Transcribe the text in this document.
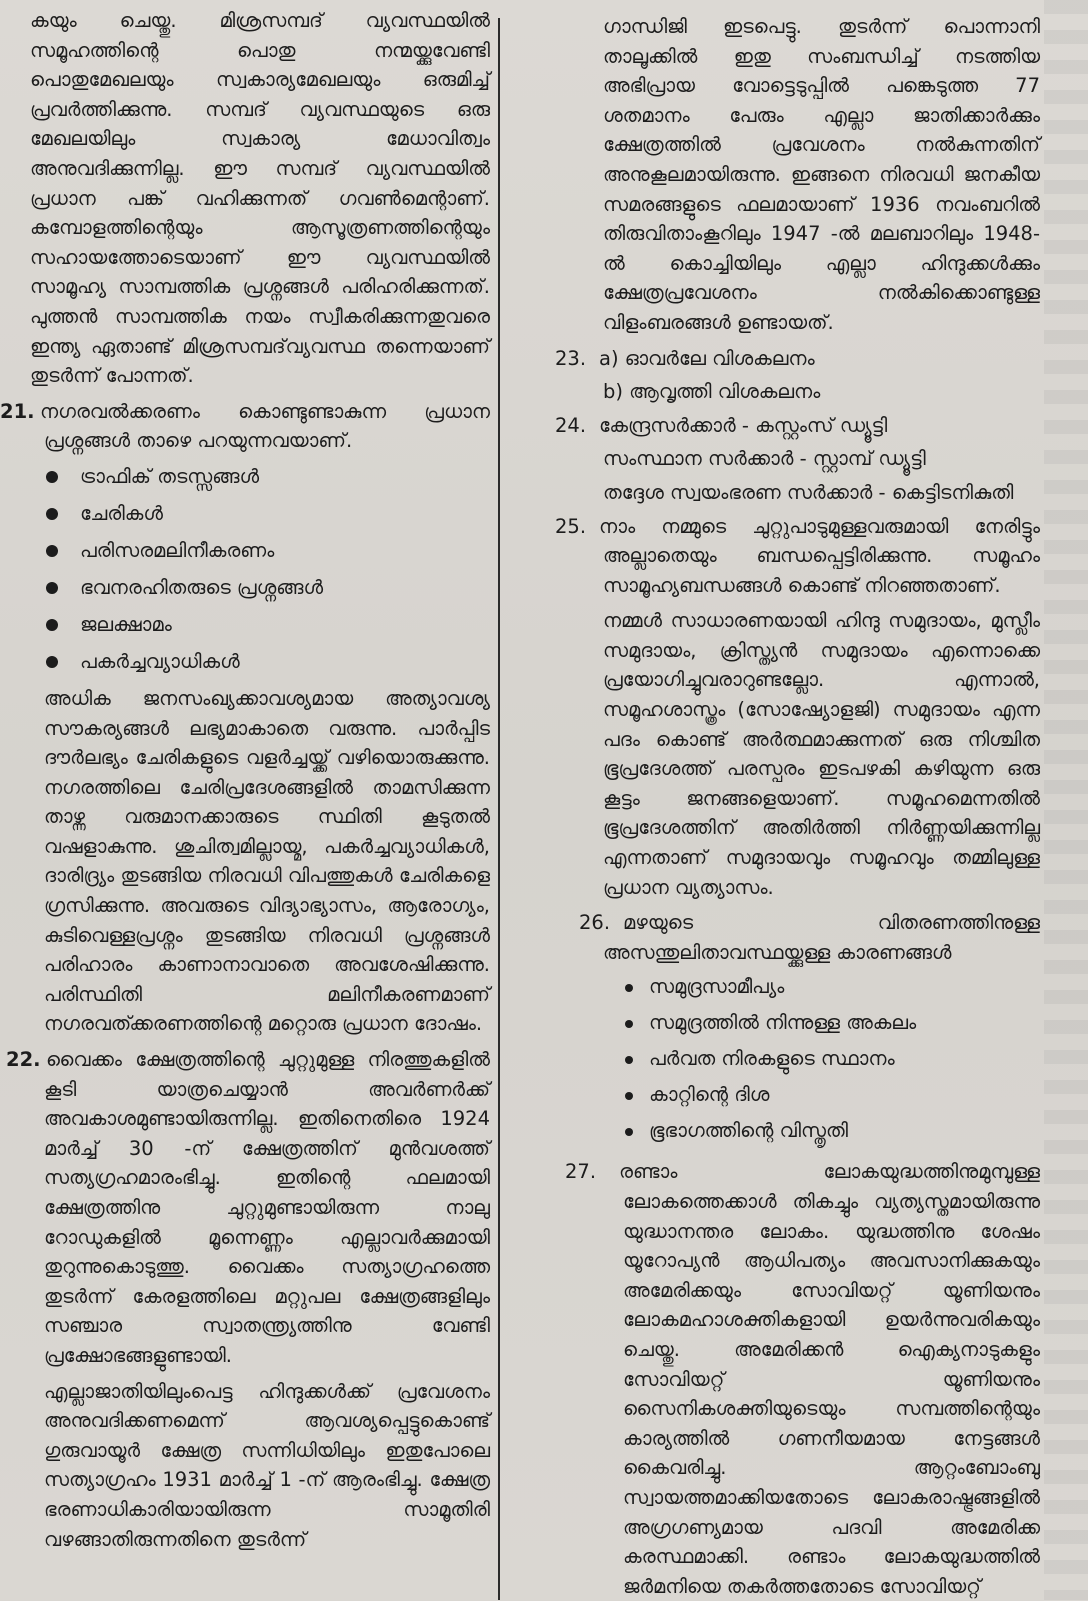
കയും ചെയ്തു. മിശ്രസമ്പദ് വ്യവസ്ഥയിൽ സമൂഹത്തിന്റെ പൊതു നന്മയ്ക്കുവേണ്ടി പൊതുമേഖലയും സ്വകാര്യമേഖലയും ഒരുമിച്ച് പ്രവർത്തിക്കുന്നു. സമ്പദ് വ്യവസ്ഥയുടെ ഒരു മേഖലയിലും സ്വകാര്യ മേധാവിത്വം അനുവദിക്കുന്നില്ല. ഈ സമ്പദ് വ്യവസ്ഥയിൽ പ്രധാന പങ്ക് വഹിക്കുന്നത് ഗവൺമെന്റാണ്. കമ്പോളത്തിന്റെയും ആസൂത്രണത്തിന്റെയും സഹായത്തോടെയാണ് ഈ വ്യവസ്ഥയിൽ സാമൂഹ്യ സാമ്പത്തിക പ്രശ്നങ്ങൾ പരിഹരിക്കുന്നത്. പുത്തൻ സാമ്പത്തിക നയം സ്വീകരിക്കുന്നതുവരെ ഇന്ത്യ ഏതാണ്ട് മിശ്രസമ്പദ്‌വ്യവസ്ഥ തന്നെയാണ് തുടർന്ന് പോന്നത്.

21. നഗരവൽക്കരണം കൊണ്ടുണ്ടാകുന്ന പ്രധാന പ്രശ്നങ്ങൾ താഴെ പറയുന്നവയാണ്.

ട്രാഫിക് തടസ്സങ്ങൾ
ചേരികൾ
പരിസരമലിനീകരണം
ഭവനരഹിതരുടെ പ്രശ്നങ്ങൾ
ജലക്ഷാമം
പകർച്ചവ്യാധികൾ

അധിക ജനസംഖ്യക്കാവശ്യമായ അത്യാവശ്യ സൗകര്യങ്ങൾ ലഭ്യമാകാതെ വരുന്നു. പാർപ്പിട ദൗർലഭ്യം ചേരികളുടെ വളർച്ചയ്ക്ക് വഴിയൊരുക്കുന്നു. നഗരത്തിലെ ചേരിപ്രദേശങ്ങളിൽ താമസിക്കുന്ന താഴ്ന്ന വരുമാനക്കാരുടെ സ്ഥിതി കൂടുതൽ വഷളാകുന്നു. ശുചിത്വമില്ലായ്മ, പകർച്ചവ്യാധികൾ, ദാരിദ്ര്യം തുടങ്ങിയ നിരവധി വിപത്തുകൾ ചേരികളെ ഗ്രസിക്കുന്നു. അവരുടെ വിദ്യാഭ്യാസം, ആരോഗ്യം, കുടിവെള്ളപ്രശ്നം തുടങ്ങിയ നിരവധി പ്രശ്നങ്ങൾ പരിഹാരം കാണാനാവാതെ അവശേഷിക്കുന്നു. പരിസ്ഥിതി മലിനീകരണമാണ് നഗരവത്ക്കരണത്തിന്റെ മറ്റൊരു പ്രധാന ദോഷം.

22. വൈക്കം ക്ഷേത്രത്തിന്റെ ചുറ്റുമുള്ള നിരത്തുകളിൽ കൂടി യാത്രചെയ്യാൻ അവർണർക്ക് അവകാശമുണ്ടായിരുന്നില്ല. ഇതിനെതിരെ 1924 മാർച്ച് 30 -ന് ക്ഷേത്രത്തിന് മുൻവശത്ത് സത്യഗ്രഹമാരംഭിച്ചു. ഇതിന്റെ ഫലമായി ക്ഷേത്രത്തിനു ചുറ്റുമുണ്ടായിരുന്ന നാലു റോഡുകളിൽ മൂന്നെണ്ണം എല്ലാവർക്കുമായി തുറുന്നുകൊടുത്തു. വൈക്കം സത്യാഗ്രഹത്തെ തുടർന്ന് കേരളത്തിലെ മറ്റുപല ക്ഷേത്രങ്ങളിലും സഞ്ചാര സ്വാതന്ത്ര്യത്തിനു വേണ്ടി പ്രക്ഷോഭങ്ങളുണ്ടായി.

എല്ലാജാതിയിലുംപെട്ട ഹിന്ദുക്കൾക്ക് പ്രവേശനം അനുവദിക്കണമെന്ന് ആവശ്യപ്പെട്ടുകൊണ്ട് ഗുരുവായൂർ ക്ഷേത്ര സന്നിധിയിലും ഇതുപോലെ സത്യാഗ്രഹം 1931 മാർച്ച് 1 -ന് ആരംഭിച്ചു. ക്ഷേത്ര ഭരണാധികാരിയായിരുന്ന സാമൂതിരി വഴങ്ങാതിരുന്നതിനെ തുടർന്ന്

ഗാന്ധിജി ഇടപെട്ടു. തുടർന്ന് പൊന്നാനി താലൂക്കിൽ ഇതു സംബന്ധിച്ച് നടത്തിയ അഭിപ്രായ വോട്ടെടുപ്പിൽ പങ്കെടുത്ത 77 ശതമാനം പേരും എല്ലാ ജാതിക്കാർക്കും ക്ഷേത്രത്തിൽ പ്രവേശനം നൽകുന്നതിന് അനുകൂലമായിരുന്നു. ഇങ്ങനെ നിരവധി ജനകീയ സമരങ്ങളുടെ ഫലമായാണ് 1936 നവംബറിൽ തിരുവിതാംകൂറിലും 1947 -ൽ മലബാറിലും 1948-ൽ കൊച്ചിയിലും എല്ലാ ഹിന്ദുക്കൾക്കും ക്ഷേത്രപ്രവേശനം നൽകിക്കൊണ്ടുള്ള വിളംബരങ്ങൾ ഉണ്ടായത്.

23. a) ഓവർലേ വിശകലനം

b) ആവൃത്തി വിശകലനം

24. കേന്ദ്രസർക്കാർ - കസ്റ്റംസ് ഡ്യൂട്ടി

സംസ്ഥാന സർക്കാർ - സ്റ്റാമ്പ് ഡ്യൂട്ടി

തദ്ദേശ സ്വയംഭരണ സർക്കാർ - കെട്ടിടനികുതി

25. നാം നമ്മുടെ ചുറ്റുപാടുമുള്ളവരുമായി നേരിട്ടും അല്ലാതെയും ബന്ധപ്പെട്ടിരിക്കുന്നു. സമൂഹം സാമൂഹ്യബന്ധങ്ങൾ കൊണ്ട് നിറഞ്ഞതാണ്.

നമ്മൾ സാധാരണയായി ഹിന്ദു സമുദായം, മുസ്ലീം സമുദായം, ക്രിസ്ത്യൻ സമുദായം എന്നൊക്കെ പ്രയോഗിച്ചുവരാറുണ്ടല്ലോ. എന്നാൽ, സമൂഹശാസ്ത്രം (സോഷ്യോളജി) സമുദായം എന്ന പദം കൊണ്ട് അർത്ഥമാക്കുന്നത് ഒരു നിശ്ചിത ഭൂപ്രദേശത്ത് പരസ്പരം ഇടപഴകി കഴിയുന്ന ഒരു കൂട്ടം ജനങ്ങളെയാണ്. സമൂഹമെന്നതിൽ ഭൂപ്രദേശത്തിന് അതിർത്തി നിർണ്ണയിക്കുന്നില്ല എന്നതാണ് സമുദായവും സമൂഹവും തമ്മിലുള്ള പ്രധാന വ്യത്യാസം.

26. മഴയുടെ വിതരണത്തിനുള്ള അസന്തുലിതാവസ്ഥയ്ക്കുള്ള കാരണങ്ങൾ

സമുദ്രസാമീപ്യം
സമുദ്രത്തിൽ നിന്നുള്ള അകലം
പർവത നിരകളുടെ സ്ഥാനം
കാറ്റിന്റെ ദിശ
ഭൂഭാഗത്തിന്റെ വിസ്തൃതി

27. രണ്ടാം ലോകയുദ്ധത്തിനുമുമ്പുള്ള ലോകത്തെക്കാൾ തികച്ചും വ്യത്യസ്തമായിരുന്നു യുദ്ധാനന്തര ലോകം. യുദ്ധത്തിനു ശേഷം യൂറോപ്യൻ ആധിപത്യം അവസാനിക്കുകയും അമേരിക്കയും സോവിയറ്റ് യൂണിയനും ലോകമഹാശക്തികളായി ഉയർന്നുവരികയും ചെയ്തു. അമേരിക്കൻ ഐക്യനാടുകളും സോവിയറ്റ് യൂണിയനും സൈനികശക്തിയുടെയും സമ്പത്തിന്റെയും കാര്യത്തിൽ ഗണനീയമായ നേട്ടങ്ങൾ കൈവരിച്ചു. ആറ്റംബോംബു സ്വായത്തമാക്കിയതോടെ ലോകരാഷ്ട്രങ്ങളിൽ അഗ്രഗണ്യമായ പദവി അമേരിക്ക കരസ്ഥമാക്കി. രണ്ടാം ലോകയുദ്ധത്തിൽ ജർമനിയെ തകർത്തതോടെ സോവിയറ്റ്
